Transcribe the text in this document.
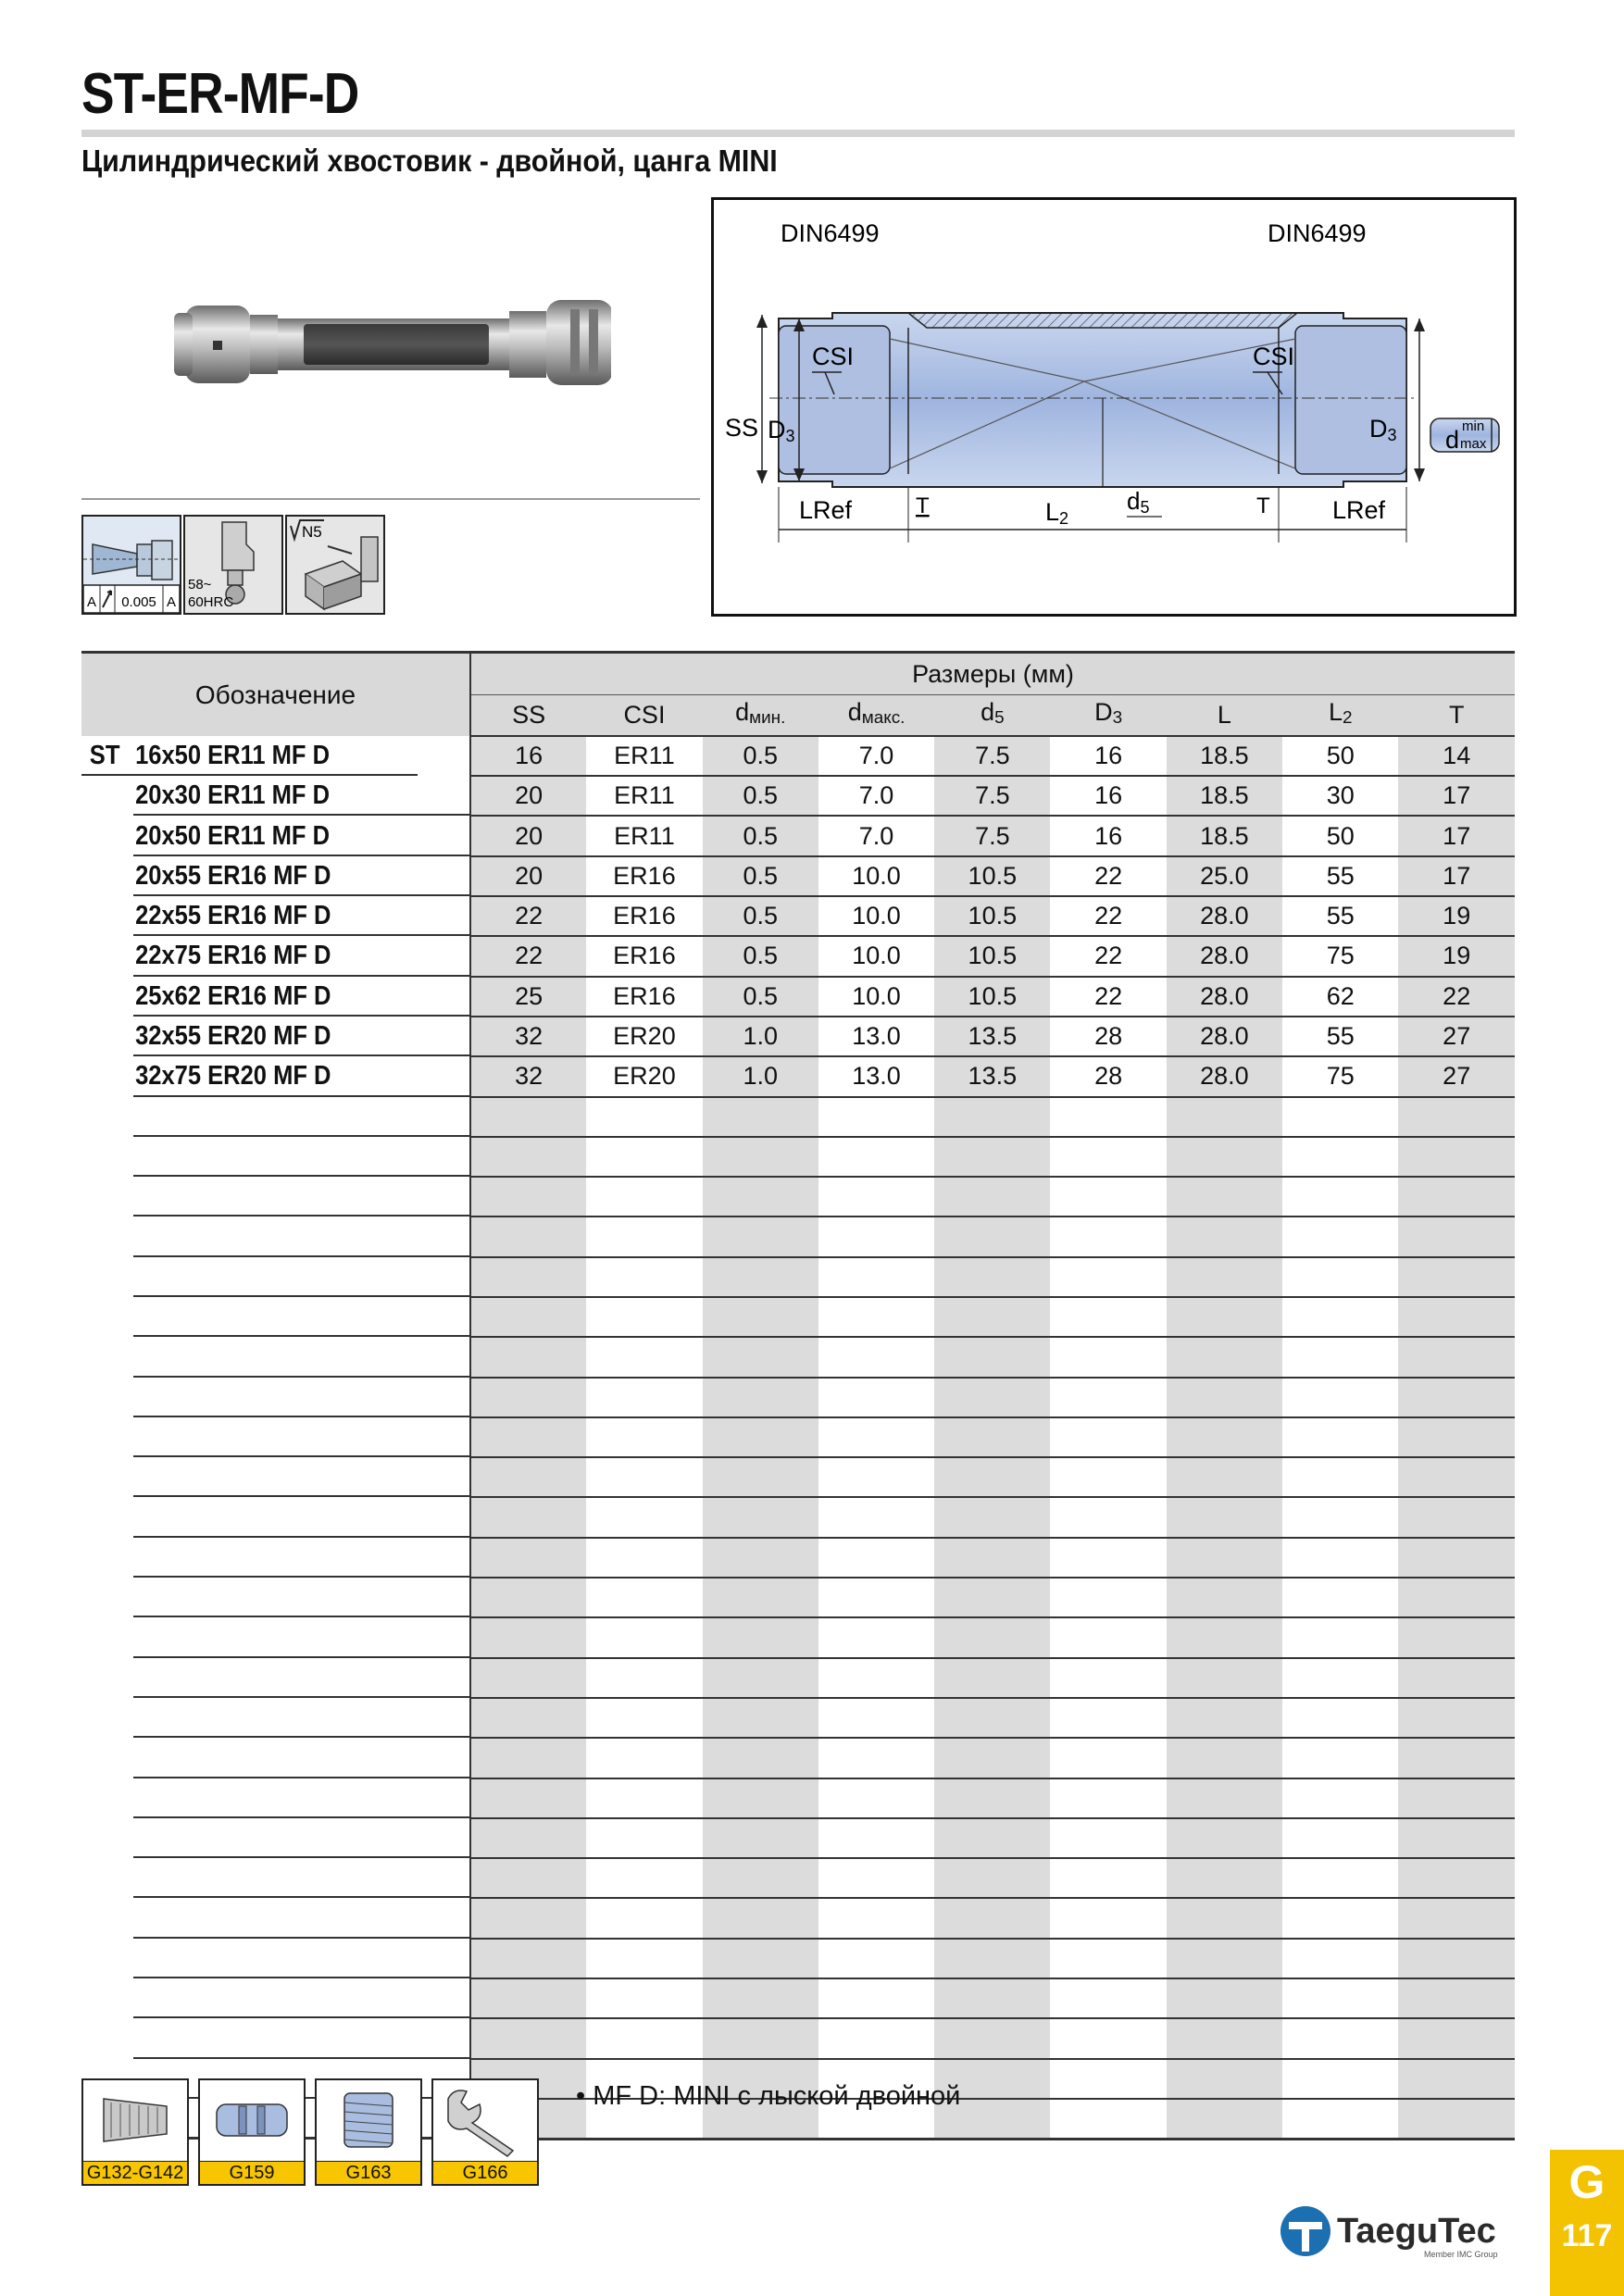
ST-ER-MF-D
Цилиндрический хвостовик - двойной, цанга MINI
A 0.005 A
58~
60HRC
N5
DIN6499	DIN6499
CSI	CSI
SS D3	D3 d min
max
LRef	T	L2
d5	T LRef
Обозначение	Размеры (мм)								
	SS	CSI	$d_{мин.}$	$d_{макс.}$	$d_5$	$D_3$	L	$L_2$	T
ST 16x50 ER11 MF D	16	ER11	0.5	7.0	7.5	16	18.5	50	14
20x30 ER11 MF D	20	ER11	0.5	7.0	7.5	16	18.5	30	17
20x50 ER11 MF D	20	ER11	0.5	7.0	7.5	16	18.5	50	17
20x55 ER16 MF D	20	ER16	0.5	10.0	10.5	22	25.0	55	17
22x55 ER16 MF D	22	ER16	0.5	10.0	10.5	22	28.0	55	19
22x75 ER16 MF D	22	ER16	0.5	10.0	10.5	22	28.0	75	19
25x62 ER16 MF D	25	ER16	0.5	10.0	10.5	22	28.0	62	22
32x55 ER20 MF D	32	ER20	1.0	13.0	13.5	28	28.0	55	27
32x75 ER20 MF D	32	ER20	1.0	13.0	13.5	28	28.0	75	27

G132-G142	G159	G163	G166
• MF D: MINI с лыской двойной
TaeguTec
Member IMC Group
G
117
